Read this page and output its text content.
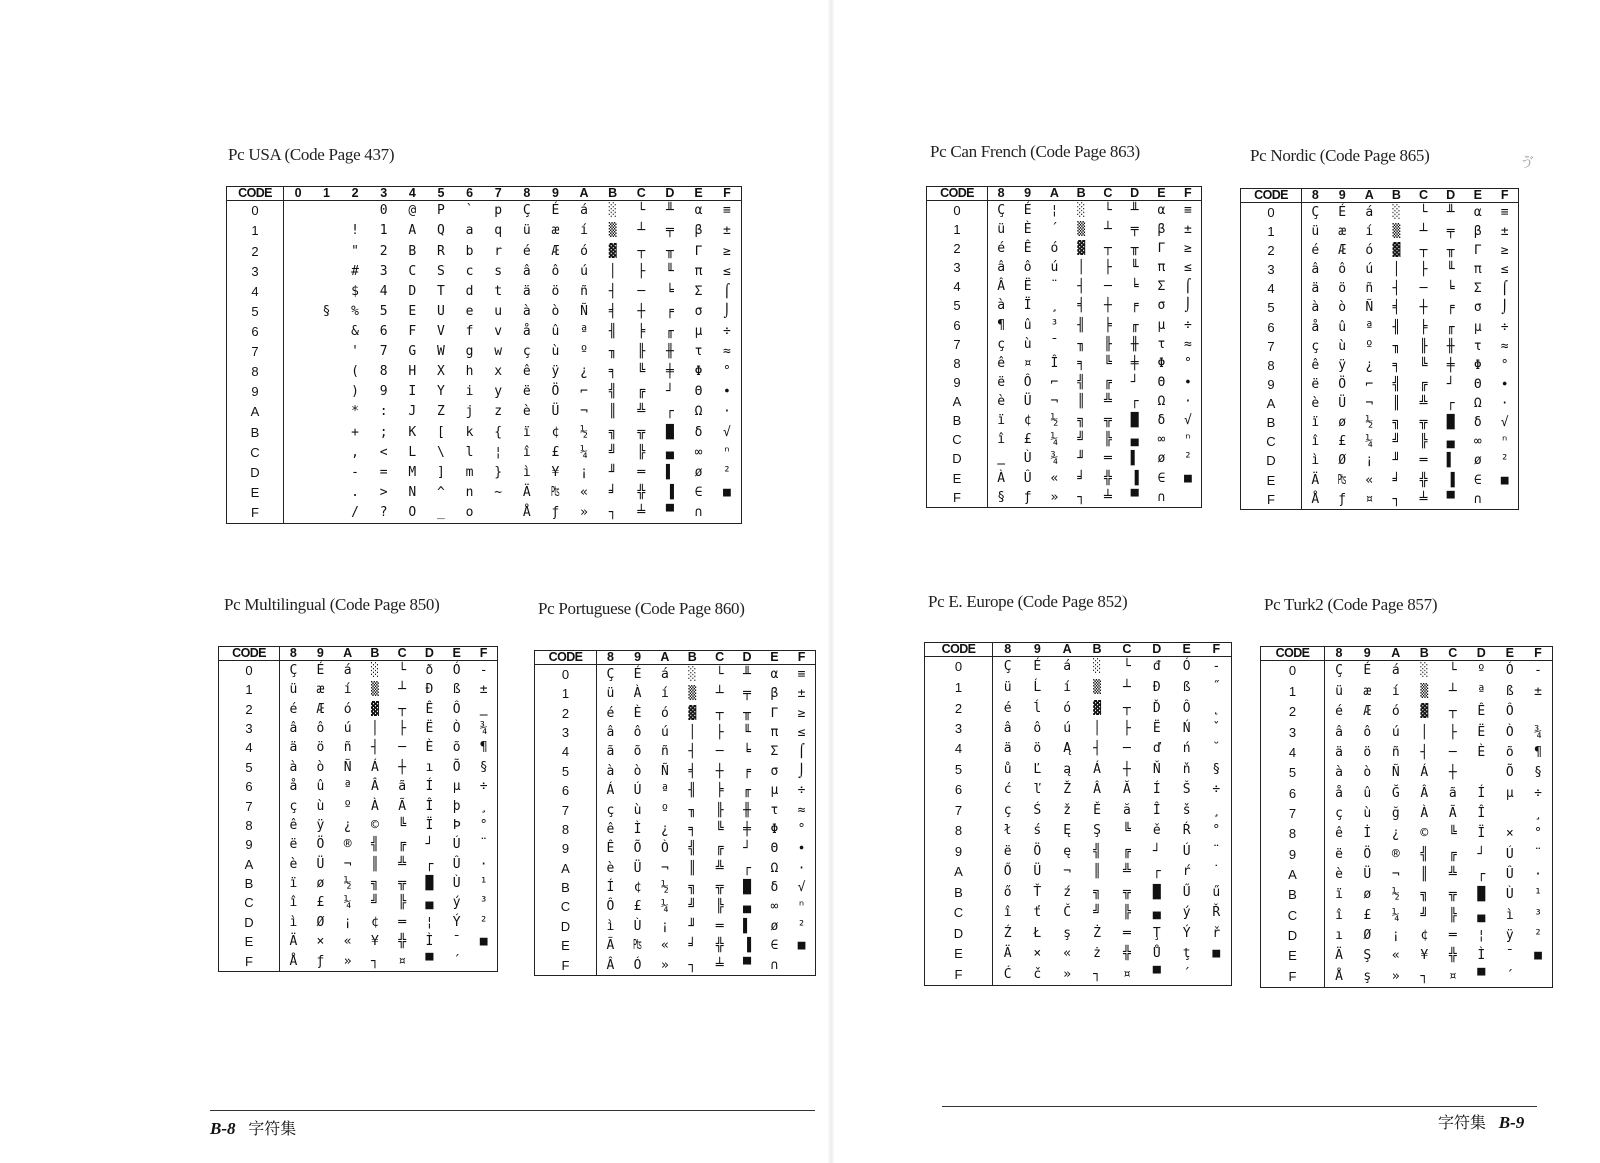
Pc USA (Code Page 437)	Pc Can French (Code Page 863)	Pc Nordic (Code Page 865)
Pc Multilingual (Code Page 850)	Pc Portuguese (Code Page 860)	Pc E. Europe (Code Page 852)	Pc Turk2 (Code Page 857)
CODE	0	1	2	3	4	5	6	7	8	9	A	B	C	D	E	F
0				0	@	P	`	p	Ç	É	á	░	└	╨	α	≡
1			!	1	A	Q	a	q	ü	æ	í	▒	┴	╤	β	±
2			"	2	B	R	b	r	é	Æ	ó	▓	┬	╥	Γ	≥
3			#	3	C	S	c	s	â	ô	ú	│	├	╙	π	≤
4			$	4	D	T	d	t	ä	ö	ñ	┤	─	╘	Σ	⌠
5		§	%	5	E	U	e	u	à	ò	Ñ	╡	┼	╒	σ	⌡
6			&	6	F	V	f	v	å	û	ª	╢	╞	╓	µ	÷
7			'	7	G	W	g	w	ç	ù	º	╖	╟	╫	τ	≈
8			(	8	H	X	h	x	ê	ÿ	¿	╕	╚	╪	Φ	°
9			)	9	I	Y	i	y	ë	Ö	⌐	╣	╔	┘	Θ	∙
A			*	:	J	Z	j	z	è	Ü	¬	║	╩	┌	Ω	·
B			+	;	K	[	k	{	ï	¢	½	╗	╦	█	δ	√
C			,	<	L	\	l	¦	î	£	¼	╝	╠	▄	∞	ⁿ
D			-	=	M	]	m	}	ì	¥	¡	╜	═	▌	ø	²
E			.	>	N	^	n	~	Ä	₧	«	╛	╬	▐	∈	■
F			/	?	O	_	o		Å	ƒ	»	┐	╧	▀	∩	
CODE	8	9	A	B	C	D	E	F
0	Ç	É	¦	░	└	╨	α	≡
1	ü	È	´	▒	┴	╤	β	±
2	é	Ê	ó	▓	┬	╥	Γ	≥
3	â	ô	ú	│	├	╙	π	≤
4	Â	Ë	¨	┤	─	╘	Σ	⌠
5	à	Ï	¸	╡	┼	╒	σ	⌡
6	¶	û	³	╢	╞	╓	µ	÷
7	ç	ù	¯	╖	╟	╫	τ	≈
8	ê	¤	Î	╕	╚	╪	Φ	°
9	ë	Ô	⌐	╣	╔	┘	Θ	∙
A	è	Ü	¬	║	╩	┌	Ω	·
B	ï	¢	½	╗	╦	█	δ	√
C	î	£	¼	╝	╠	▄	∞	ⁿ
D	‗	Ù	¾	╜	═	▌	ø	²
E	À	Û	«	╛	╬	▐	∈	■
F	§	ƒ	»	┐	╧	▀	∩	
CODE	8	9	A	B	C	D	E	F
0	Ç	É	á	░	└	╨	α	≡
1	ü	æ	í	▒	┴	╤	β	±
2	é	Æ	ó	▓	┬	╥	Γ	≥
3	â	ô	ú	│	├	╙	π	≤
4	ä	ö	ñ	┤	─	╘	Σ	⌠
5	à	ò	Ñ	╡	┼	╒	σ	⌡
6	å	û	ª	╢	╞	╓	µ	÷
7	ç	ù	º	╖	╟	╫	τ	≈
8	ê	ÿ	¿	╕	╚	╪	Φ	°
9	ë	Ö	⌐	╣	╔	┘	Θ	∙
A	è	Ü	¬	║	╩	┌	Ω	·
B	ï	ø	½	╗	╦	█	δ	√
C	î	£	¼	╝	╠	▄	∞	ⁿ
D	ì	Ø	¡	╜	═	▌	ø	²
E	Ä	₧	«	╛	╬	▐	∈	■
F	Å	ƒ	¤	┐	╧	▀	∩	
CODE	8	9	A	B	C	D	E	F
0	Ç	É	á	░	└	ð	Ó	-
1	ü	æ	í	▒	┴	Ð	ß	±
2	é	Æ	ó	▓	┬	Ê	Ô	‗
3	â	ô	ú	│	├	Ë	Ò	¾
4	ä	ö	ñ	┤	─	È	õ	¶
5	à	ò	Ñ	Á	┼	ı	Õ	§
6	å	û	ª	Â	ã	Í	µ	÷
7	ç	ù	º	À	Ã	Î	þ	¸
8	ê	ÿ	¿	©	╚	Ï	Þ	°
9	ë	Ö	®	╣	╔	┘	Ú	¨
A	è	Ü	¬	║	╩	┌	Û	·
B	ï	ø	½	╗	╦	█	Ù	¹
C	î	£	¼	╝	╠	▄	ý	³
D	ì	Ø	¡	¢	═	¦	Ý	²
E	Ä	×	«	¥	╬	Ì	¯	■
F	Å	ƒ	»	┐	¤	▀	´	
CODE	8	9	A	B	C	D	E	F
0	Ç	É	á	░	└	╨	α	≡
1	ü	À	í	▒	┴	╤	β	±
2	é	È	ó	▓	┬	╥	Γ	≥
3	â	ô	ú	│	├	╙	π	≤
4	ã	õ	ñ	┤	─	╘	Σ	⌠
5	à	ò	Ñ	╡	┼	╒	σ	⌡
6	Á	Ú	ª	╢	╞	╓	µ	÷
7	ç	ù	º	╖	╟	╫	τ	≈
8	ê	Ì	¿	╕	╚	╪	Φ	°
9	Ê	Õ	Ò	╣	╔	┘	Θ	∙
A	è	Ü	¬	║	╩	┌	Ω	·
B	Í	¢	½	╗	╦	█	δ	√
C	Ô	£	¼	╝	╠	▄	∞	ⁿ
D	ì	Ù	¡	╜	═	▌	ø	²
E	Ã	₧	«	╛	╬	▐	∈	■
F	Â	Ó	»	┐	╧	▀	∩	
CODE	8	9	A	B	C	D	E	F
0	Ç	É	á	░	└	đ	Ó	-
1	ü	Ĺ	í	▒	┴	Đ	ß	˝
2	é	ĺ	ó	▓	┬	Ď	Ô	˛
3	â	ô	ú	│	├	Ë	Ń	ˇ
4	ä	ö	Ą	┤	─	ď	ń	˘
5	ů	Ľ	ą	Á	┼	Ň	ň	§
6	ć	ľ	Ž	Â	Ă	Í	Š	÷
7	ç	Ś	ž	Ě	ă	Î	š	¸
8	ł	ś	Ę	Ş	╚	ě	Ŕ	°
9	ë	Ö	ę	╣	╔	┘	Ú	¨
A	Ő	Ü	¬	║	╩	┌	ŕ	˙
B	ő	Ť	ź	╗	╦	█	Ű	ű
C	î	ť	Č	╝	╠	▄	ý	Ř
D	Ź	Ł	ş	Ż	═	Ţ	Ý	ř
E	Ä	×	«	ż	╬	Ů	ţ	■
F	Ć	č	»	┐	¤	▀	´	
CODE	8	9	A	B	C	D	E	F
0	Ç	É	á	░	└	º	Ó	-
1	ü	æ	í	▒	┴	ª	ß	±
2	é	Æ	ó	▓	┬	Ê	Ô	
3	â	ô	ú	│	├	Ë	Ò	¾
4	ä	ö	ñ	┤	─	È	õ	¶
5	à	ò	Ñ	Á	┼		Õ	§
6	å	û	Ğ	Â	ã	Í	µ	÷
7	ç	ù	ğ	À	Ã	Î		¸
8	ê	İ	¿	©	╚	Ï	×	°
9	ë	Ö	®	╣	╔	┘	Ú	¨
A	è	Ü	¬	║	╩	┌	Û	·
B	ï	ø	½	╗	╦	█	Ù	¹
C	î	£	¼	╝	╠	▄	ì	³
D	ı	Ø	¡	¢	═	¦	ÿ	²
E	Ä	Ş	«	¥	╬	Ì	¯	■
F	Å	ş	»	┐	¤	▀	´	
B-8 字符集	字符集 B-9
ゔ
